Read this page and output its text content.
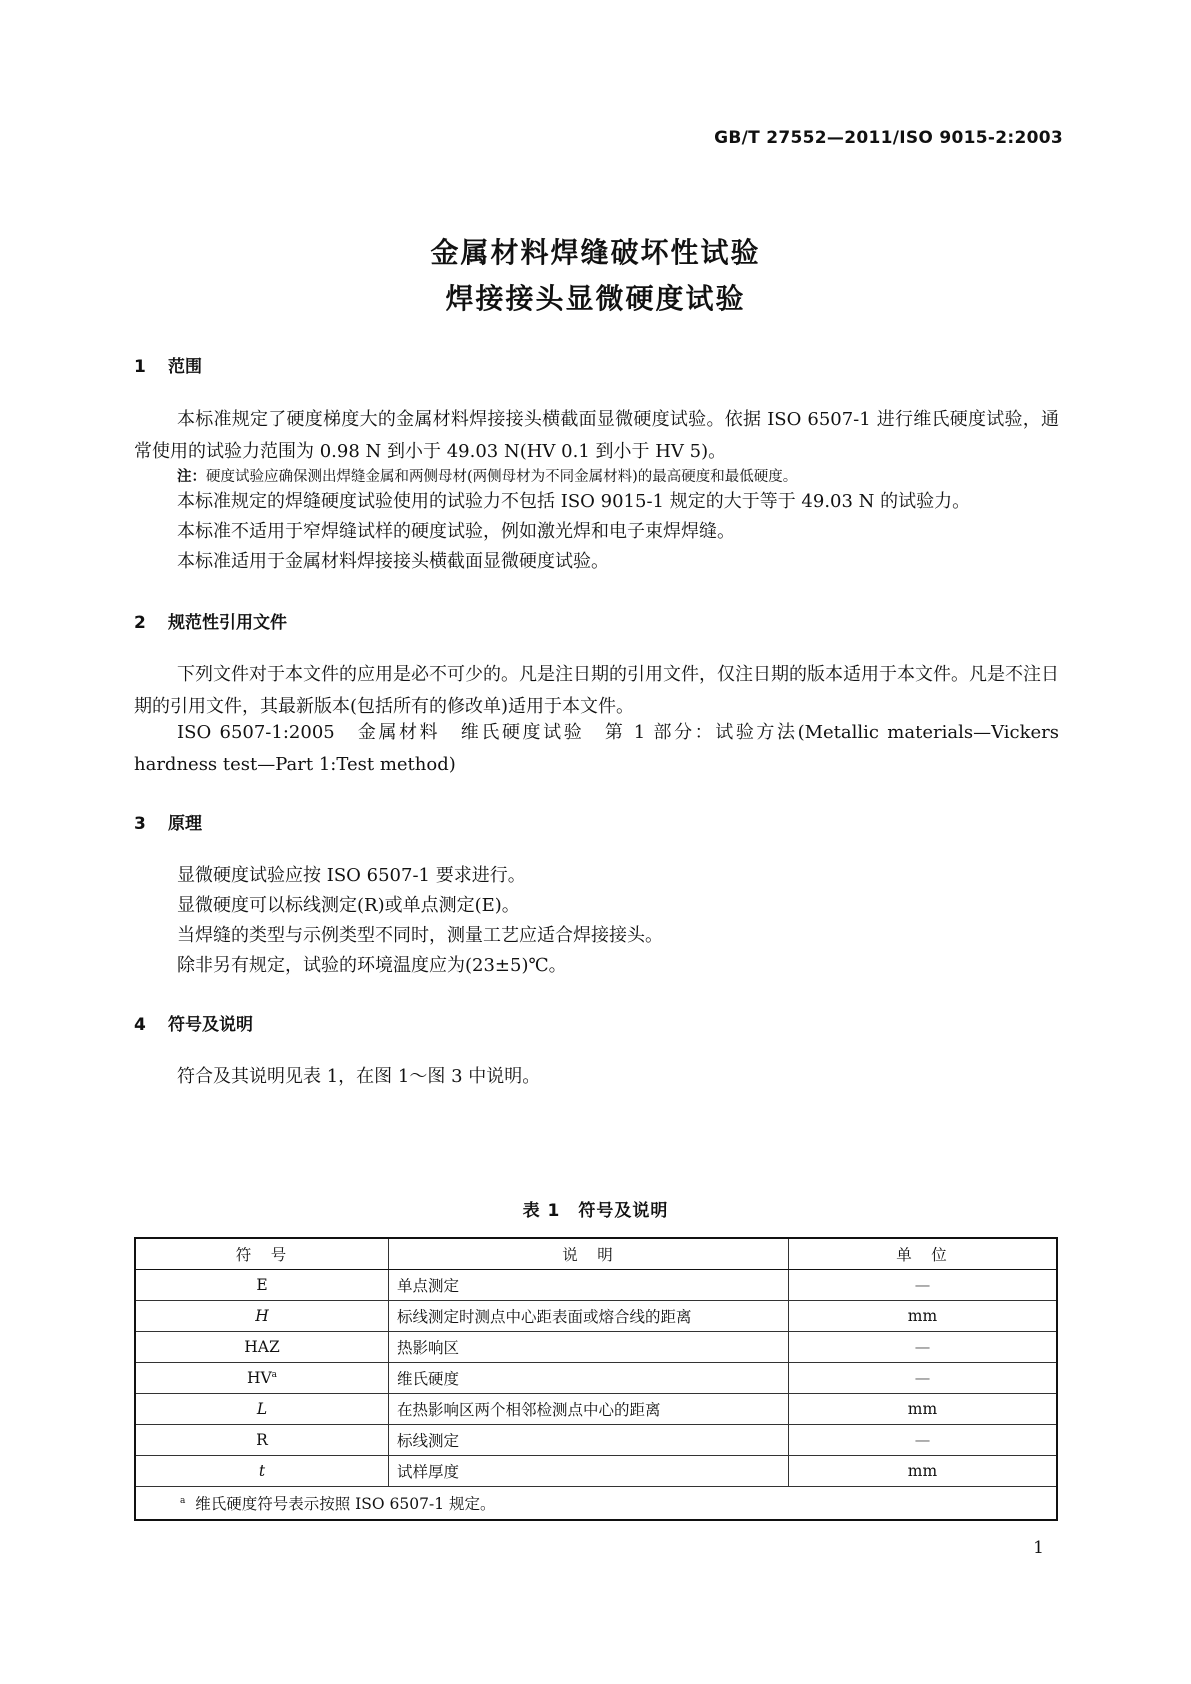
GB/T 27552—2011/ISO 9015-2:2003
金属材料焊缝破坏性试验
焊接接头显微硬度试验
1 范围
本标准规定了硬度梯度大的金属材料焊接接头横截面显微硬度试验。依据 ISO 6507-1 进行维氏硬度试验，通常使用的试验力范围为 0.98 N 到小于 49.03 N(HV 0.1 到小于 HV 5)。
注：硬度试验应确保测出焊缝金属和两侧母材(两侧母材为不同金属材料)的最高硬度和最低硬度。
本标准规定的焊缝硬度试验使用的试验力不包括 ISO 9015-1 规定的大于等于 49.03 N 的试验力。
本标准不适用于窄焊缝试样的硬度试验，例如激光焊和电子束焊焊缝。
本标准适用于金属材料焊接接头横截面显微硬度试验。
2 规范性引用文件
下列文件对于本文件的应用是必不可少的。凡是注日期的引用文件，仅注日期的版本适用于本文件。凡是不注日期的引用文件，其最新版本(包括所有的修改单)适用于本文件。
ISO 6507-1:2005　金属材料　维氏硬度试验　第 1 部分：试验方法(Metallic materials—Vickers hardness test—Part 1:Test method)
3 原理
显微硬度试验应按 ISO 6507-1 要求进行。
显微硬度可以标线测定(R)或单点测定(E)。
当焊缝的类型与示例类型不同时，测量工艺应适合焊接接头。
除非另有规定，试验的环境温度应为(23±5)℃。
4 符号及说明
符合及其说明见表 1，在图 1～图 3 中说明。
表 1　符号及说明
符　号	说　明	单　位
E	单点测定	—
H	标线测定时测点中心距表面或熔合线的距离	mm
HAZ	热影响区	—
$HV^a$	维氏硬度	—
L	在热影响区两个相邻检测点中心的距离	mm
R	标线测定	—
t	试样厚度	mm
$^a$ 维氏硬度符号表示按照 ISO 6507-1 规定。		
1
